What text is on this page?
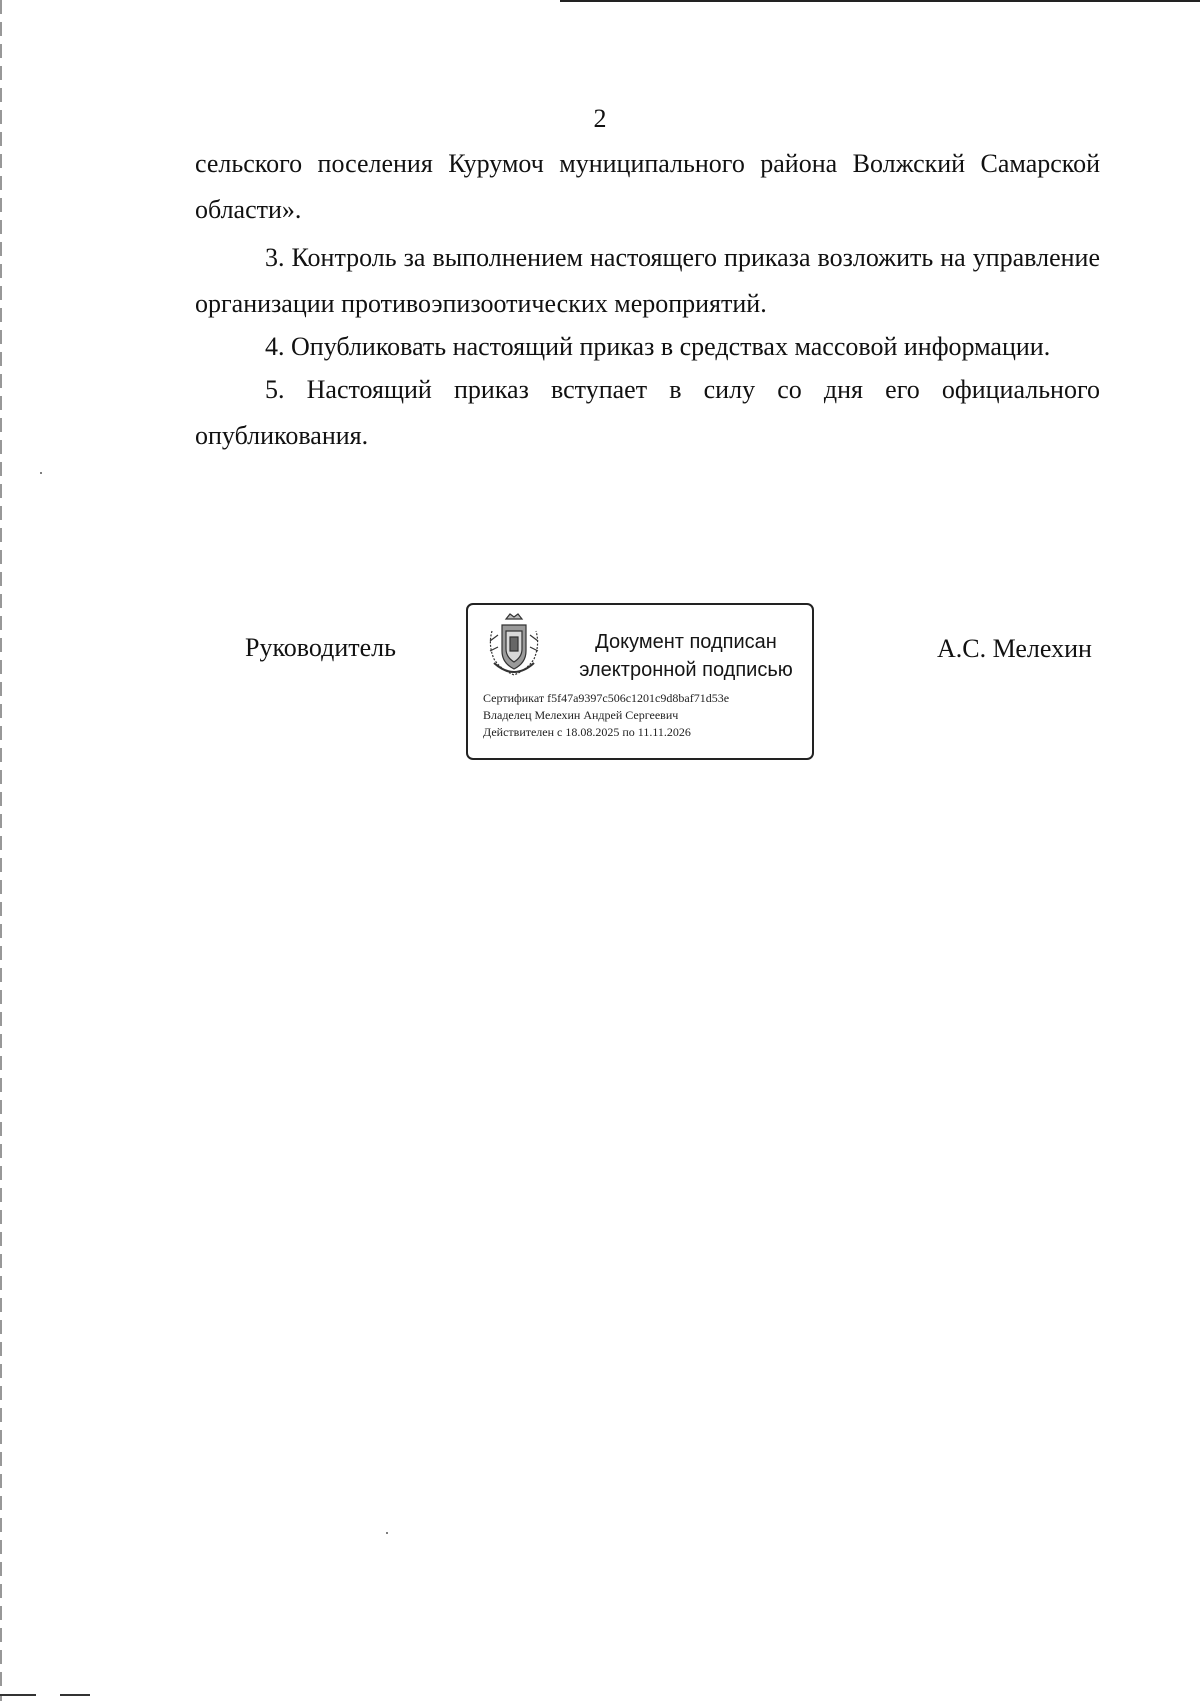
2

сельского поселения Курумоч муниципального района Волжский Самарской области».

3. Контроль за выполнением настоящего приказа возложить на управление организации противоэпизоотических мероприятий.

4. Опубликовать настоящий приказ в средствах массовой информации.

5. Настоящий приказ вступает в силу со дня его официального опубликования.

Руководитель	Документ подписан
электронной подписью
Сертификат f5f47a9397c506c1201c9d8baf71d53e
Владелец Мелехин Андрей Сергеевич
Действителен с 18.08.2025 по 11.11.2026
А.С. Мелехин
